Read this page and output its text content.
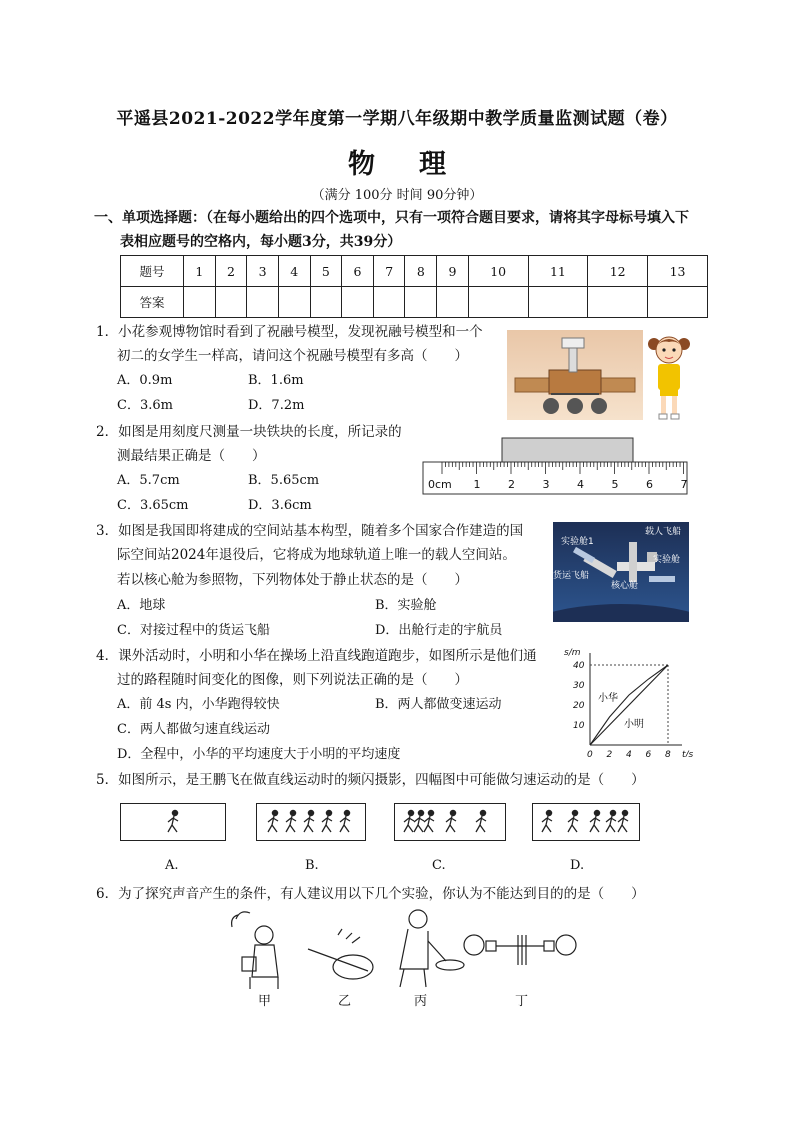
平遥县2021-2022学年度第一学期八年级期中教学质量监测试题（卷）
物 理
（满分 100分 时间 90分钟）
一、单项选择题：（在每小题给出的四个选项中，只有一项符合题目要求，请将其字母标号填入下
表相应题号的空格内，每小题3分，共39分）
题号	1	2	3	4	5	6	7	8	9	10	11	12	13
答案													
1．小花参观博物馆时看到了祝融号模型，发现祝融号模型和一个
初二的女学生一样高，请问这个祝融号模型有多高（　　）
A．0.9m	B．1.6m
C．3.6m	D．7.2m
2．如图是用刻度尺测量一块铁块的长度，所记录的
测最结果正确是（　　）
A．5.7cm	B．5.65cm
C．3.65cm	D．3.6cm
0cm 1	2	3	4	5	6	7
3．如图是我国即将建成的空间站基本构型，随着多个国家合作建造的国
际空间站2024年退役后，它将成为地球轨道上唯一的载人空间站。
若以核心舱为参照物，下列物体处于静止状态的是（　　）
A．地球	B．实验舱
C．对接过程中的货运飞船	D．出舱行走的宇航员
实验舱1
载人飞船
实验舱
货运飞船
核心舱
4．课外活动时，小明和小华在操场上沿直线跑道跑步，如图所示是他们通
过的路程随时间变化的图像，则下列说法正确的是（　　）
A．前 4s 内，小华跑得较快	B．两人都做变速运动
C．两人都做匀速直线运动
D．全程中，小华的平均速度大于小明的平均速度	0 2 4 6 8
10
20
30
40
s/m
t/s
小华
小明
5．如图所示，是王鹏飞在做直线运动时的频闪摄影，四幅图中可能做匀速运动的是（　　）
A.	B.	C.	D.
6．为了探究声音产生的条件，有人建议用以下几个实验，你认为不能达到目的的是（　　）
甲	乙	丙	丁
